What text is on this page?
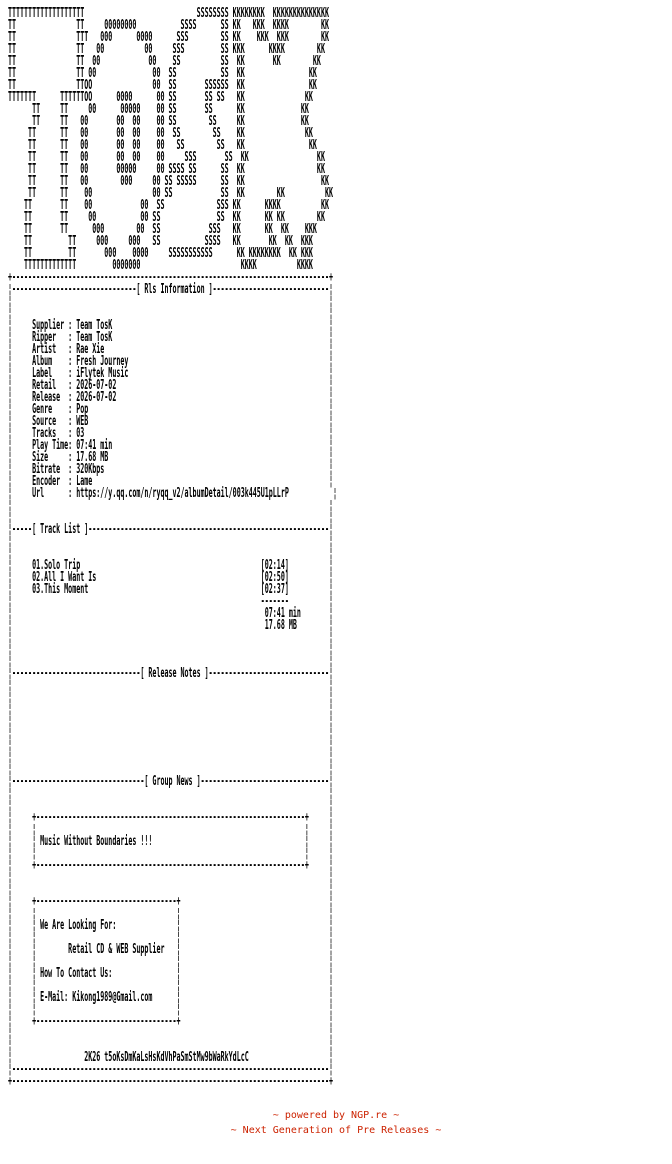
TTTTTTTTTTTTTTTTTTT                            SSSSSSSS KKKKKKKK  KKKKKKKKKKKKKK
TT               TT     00000000           SSSS      SS KK   KKK  KKKK        KK
TT               TTT   000      0000      SSS        SS KK    KKK  KKK        KK
TT               TT   00          00     SSS         SS KKK      KKKK        KK
TT               TT  00            00    SS          SS  KK       KK        KK
TT               TT 00              00  SS           SS  KK                KK
TT               TTOO               00  SS       SSSSSS  KK                KK
TTTTTTT      TTTTTTOO      0000      00 SS       SS SS   KK               KK
TT     TT     00      00000    00 SS       SS      KK              KK
TT     TT   00       00  00    00 SS        SS     KK              KK
TT      TT   00       00  00    00  SS        SS    KK               KK
TT      TT   00       00  00    00   SS        SS   KK                KK
TT      TT   00       00  00    00     SSS       SS  KK                 KK
TT      TT   00       00000     00 SSSS SS      SS  KK                  KK
TT      TT   00        000     00 SS SSSSS      SS  KK                   KK
TT      TT    00               00 SS            SS  KK        KK          KK
TT       TT    00            00  SS             SSS KK      KKKK          KK
TT       TT     00           00 SS              SS  KK      KK KK        KK
TT       TT      000        00  SS            SSS   KK      KK  KK    KKK
TT         TT     000     000   SS           SSSS   KK       KK  KK  KKK
TT         TT       000    0000     SSSSSSSSSSS      KK KKKKKKKK  KK KKK
TTTTTTTTTTTTT         0000000                         KKKK          KKKK
+-------------------------------------------------------------------------------+
¦-------------------------------[ Rls Information ]-----------------------------¦
¦                                                                               ¦
¦                                                                               ¦
¦     Supplier : Team TosK                                                      ¦
¦     Ripper   : Team TosK                                                      ¦
¦     Artist   : Rae Xie                                                        ¦
¦     Album    : Fresh Journey                                                  ¦
¦     Label    : iFlytek Music                                                  ¦
¦     Retail   : 2026-07-02                                                     ¦
¦     Release  : 2026-07-02                                                     ¦
¦     Genre    : Pop                                                            ¦
¦     Source   : WEB                                                            ¦
¦     Tracks   : 03                                                             ¦
¦     Play Time: 07:41 min                                                      ¦
¦     Size     : 17.68 MB                                                       ¦
¦     Bitrate  : 320Kbps                                                        ¦
¦     Encoder  : Lame                                                           ¦
¦     Url      : https://y.qq.com/n/ryqq_v2/albumDetail/003k445U1pLLrP           ¦
¦                                                                               ¦
¦                                                                               ¦
¦-----[ Track List ]------------------------------------------------------------¦
¦                                                                               ¦
¦                                                                               ¦
¦     01.Solo Trip                                             [02:14]          ¦
¦     02.All I Want Is                                         [02:50]          ¦
¦     03.This Moment                                           [02:37]          ¦
¦                                                              -------          ¦
¦                                                               07:41 min       ¦
¦                                                               17.68 MB        ¦
¦                                                                               ¦
¦                                                                               ¦
¦                                                                               ¦
¦--------------------------------[ Release Notes ]------------------------------¦
¦                                                                               ¦
¦                                                                               ¦
¦                                                                               ¦
¦                                                                               ¦
¦                                                                               ¦
¦                                                                               ¦
¦                                                                               ¦
¦                                                                               ¦
¦---------------------------------[ Group News ]--------------------------------¦
¦                                                                               ¦
¦                                                                               ¦
¦     +-------------------------------------------------------------------+     ¦
¦     ¦                                                                   ¦     ¦
¦     ¦ Music Without Boundaries !!!                                      ¦     ¦
¦     ¦                                                                   ¦     ¦
¦     +-------------------------------------------------------------------+     ¦
¦                                                                               ¦
¦                                                                               ¦
¦     +-----------------------------------+                                     ¦
¦     ¦                                   ¦                                     ¦
¦     ¦ We Are Looking For:               ¦                                     ¦
¦     ¦                                   ¦                                     ¦
¦     ¦        Retail CD & WEB Supplier   ¦                                     ¦
¦     ¦                                   ¦                                     ¦
¦     ¦ How To Contact Us:                ¦                                     ¦
¦     ¦                                   ¦                                     ¦
¦     ¦ E-Mail: Kikong1989@Gmail.com      ¦                                     ¦
¦     ¦                                   ¦                                     ¦
¦     +-----------------------------------+                                     ¦
¦                                                                               ¦
¦                                                                               ¦
¦                  2K26 t5oKsDmKaLsHsKdVhPaSmStMw9bWaRkYdLcC                    ¦
¦-------------------------------------------------------------------------------¦
+-------------------------------------------------------------------------------+

~ powered by NGP.re ~
~ Next Generation of Pre Releases ~
